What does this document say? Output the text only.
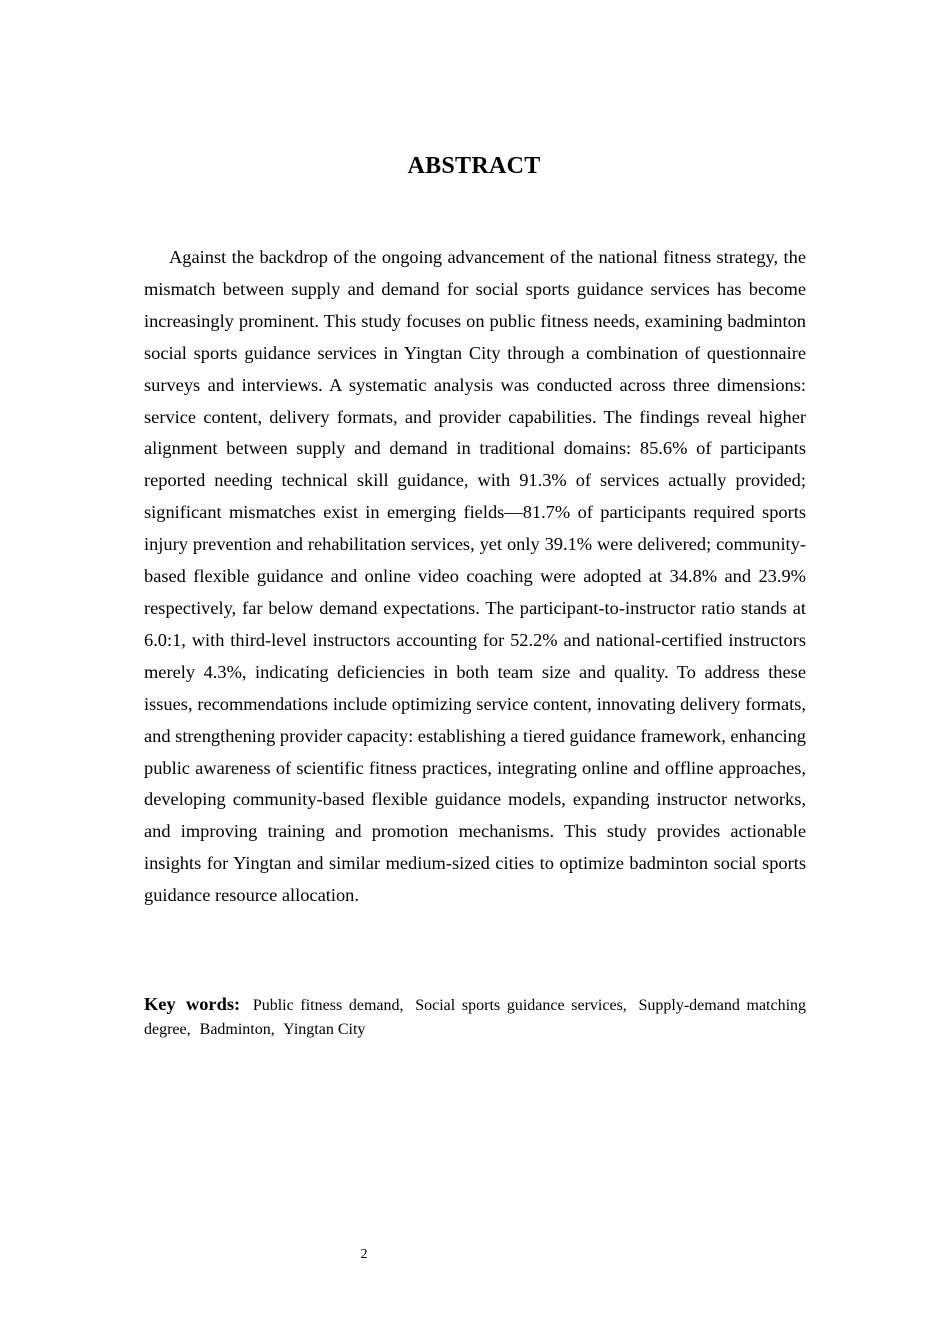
ABSTRACT

Against the backdrop of the ongoing advancement of the national fitness strategy, the mismatch between supply and demand for social sports guidance services has become increasingly prominent. This study focuses on public fitness needs, examining badminton social sports guidance services in Yingtan City through a combination of questionnaire surveys and interviews. A systematic analysis was conducted across three dimensions: service content, delivery formats, and provider capabilities. The findings reveal higher alignment between supply and demand in traditional domains: 85.6% of participants reported needing technical skill guidance, with 91.3% of services actually provided; significant mismatches exist in emerging fields—81.7% of participants required sports injury prevention and rehabilitation services, yet only 39.1% were delivered; community-based flexible guidance and online video coaching were adopted at 34.8% and 23.9% respectively, far below demand expectations. The participant-to-instructor ratio stands at 6.0:1, with third-level instructors accounting for 52.2% and national-certified instructors merely 4.3%, indicating deficiencies in both team size and quality. To address these issues, recommendations include optimizing service content, innovating delivery formats, and strengthening provider capacity: establishing a tiered guidance framework, enhancing public awareness of scientific fitness practices, integrating online and offline approaches, developing community-based flexible guidance models, expanding instructor networks, and improving training and promotion mechanisms. This study provides actionable insights for Yingtan and similar medium-sized cities to optimize badminton social sports guidance resource allocation.

Key words: Public fitness demand, Social sports guidance services, Supply-demand matching degree, Badminton, Yingtan City

2
